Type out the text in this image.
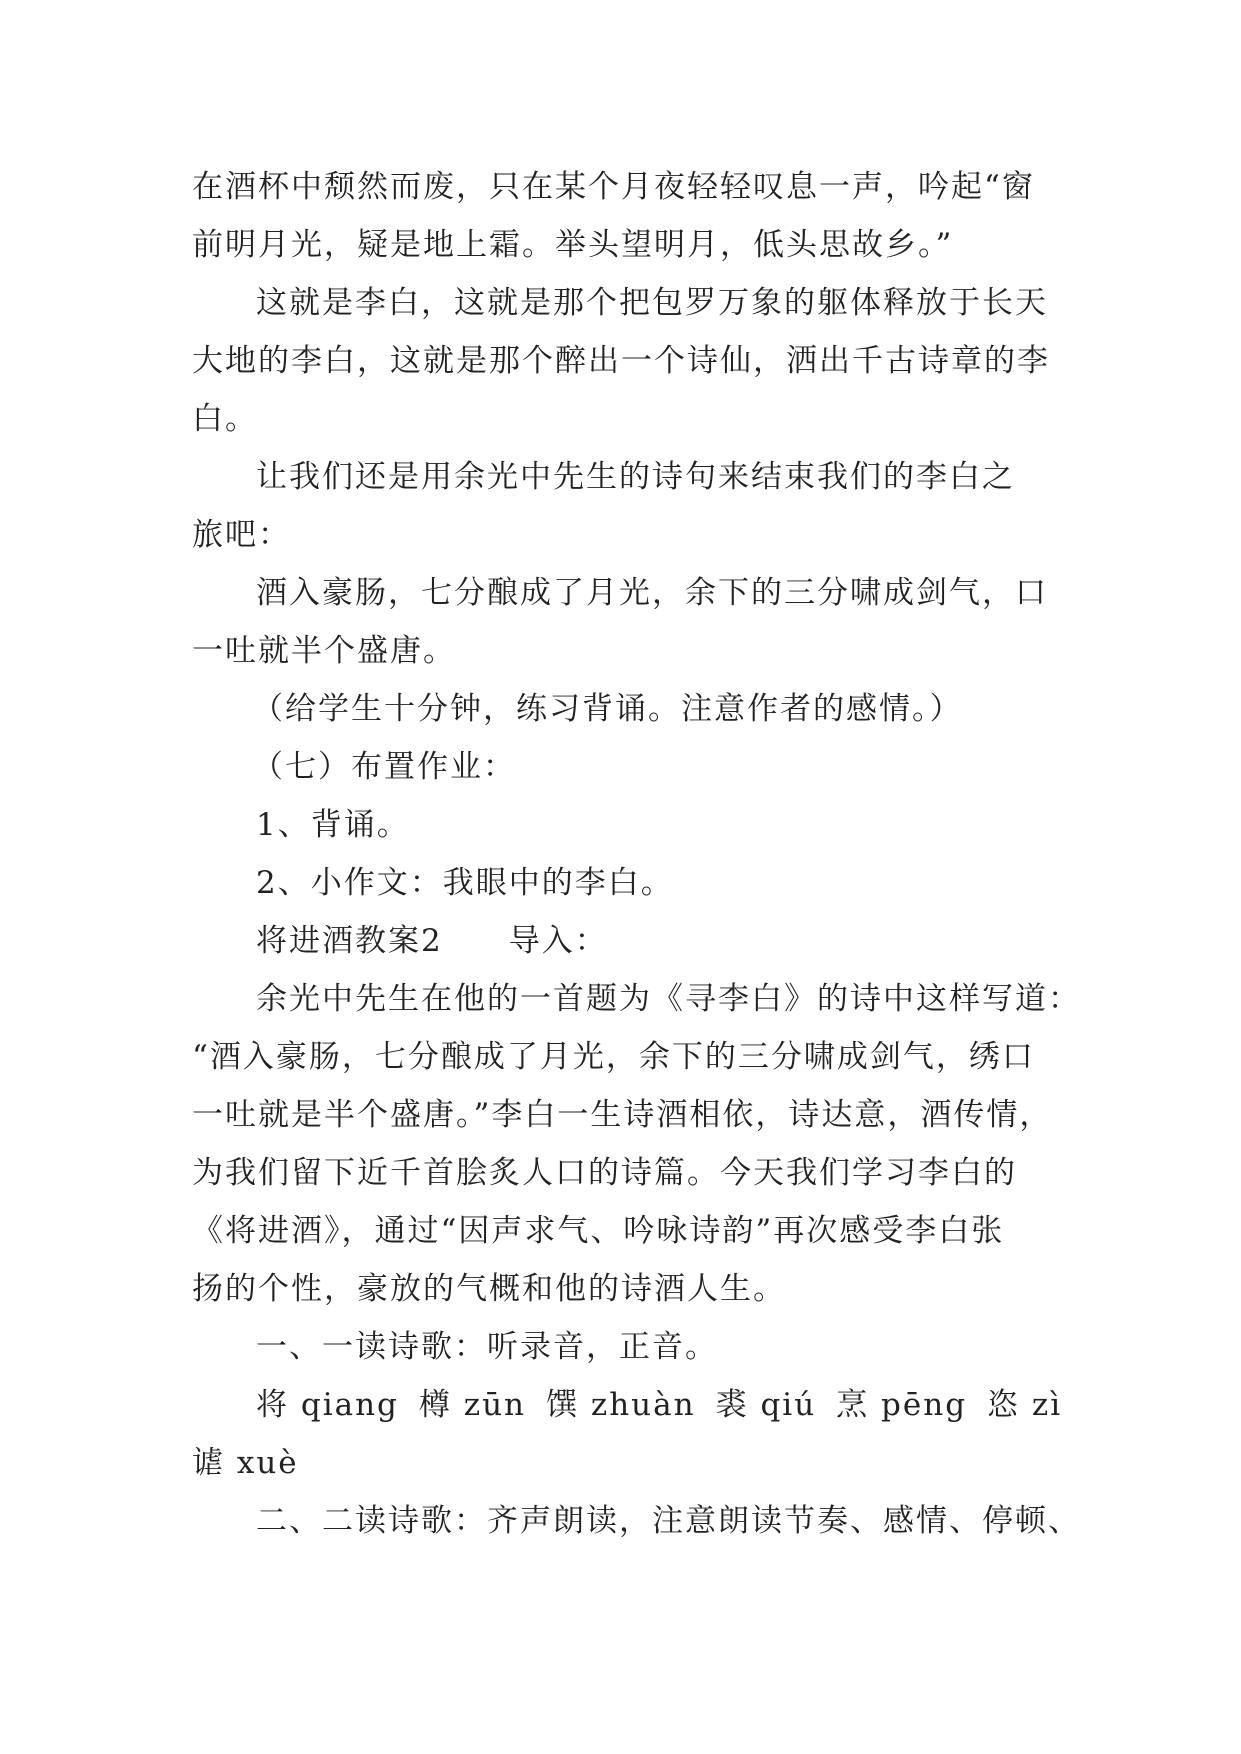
在酒杯中颓然而废，只在某个月夜轻轻叹息一声，吟起“窗

前明月光，疑是地上霜。举头望明月，低头思故乡。”

这就是李白，这就是那个把包罗万象的躯体释放于长天

大地的李白，这就是那个醉出一个诗仙，洒出千古诗章的李

白。

让我们还是用余光中先生的诗句来结束我们的李白之

旅吧：

酒入豪肠，七分酿成了月光，余下的三分啸成剑气，口

一吐就半个盛唐。

（给学生十分钟，练习背诵。注意作者的感情。）

（七）布置作业：

1、背诵。

2、小作文：我眼中的李白。

将进酒教案2 导入：

余光中先生在他的一首题为《寻李白》的诗中这样写道：

“酒入豪肠，七分酿成了月光，余下的三分啸成剑气，绣口

一吐就是半个盛唐。”李白一生诗酒相依，诗达意，酒传情，

为我们留下近千首脍炙人口的诗篇。今天我们学习李白的

《将进酒》，通过“因声求气、吟咏诗韵”再次感受李白张

扬的个性，豪放的气概和他的诗酒人生。

一、一读诗歌：听录音，正音。

将 qiang 樽 zūn 馔 zhuàn 裘 qiú 烹 pēng 恣 zì

谑 xuè

二、二读诗歌：齐声朗读，注意朗读节奏、感情、停顿、
